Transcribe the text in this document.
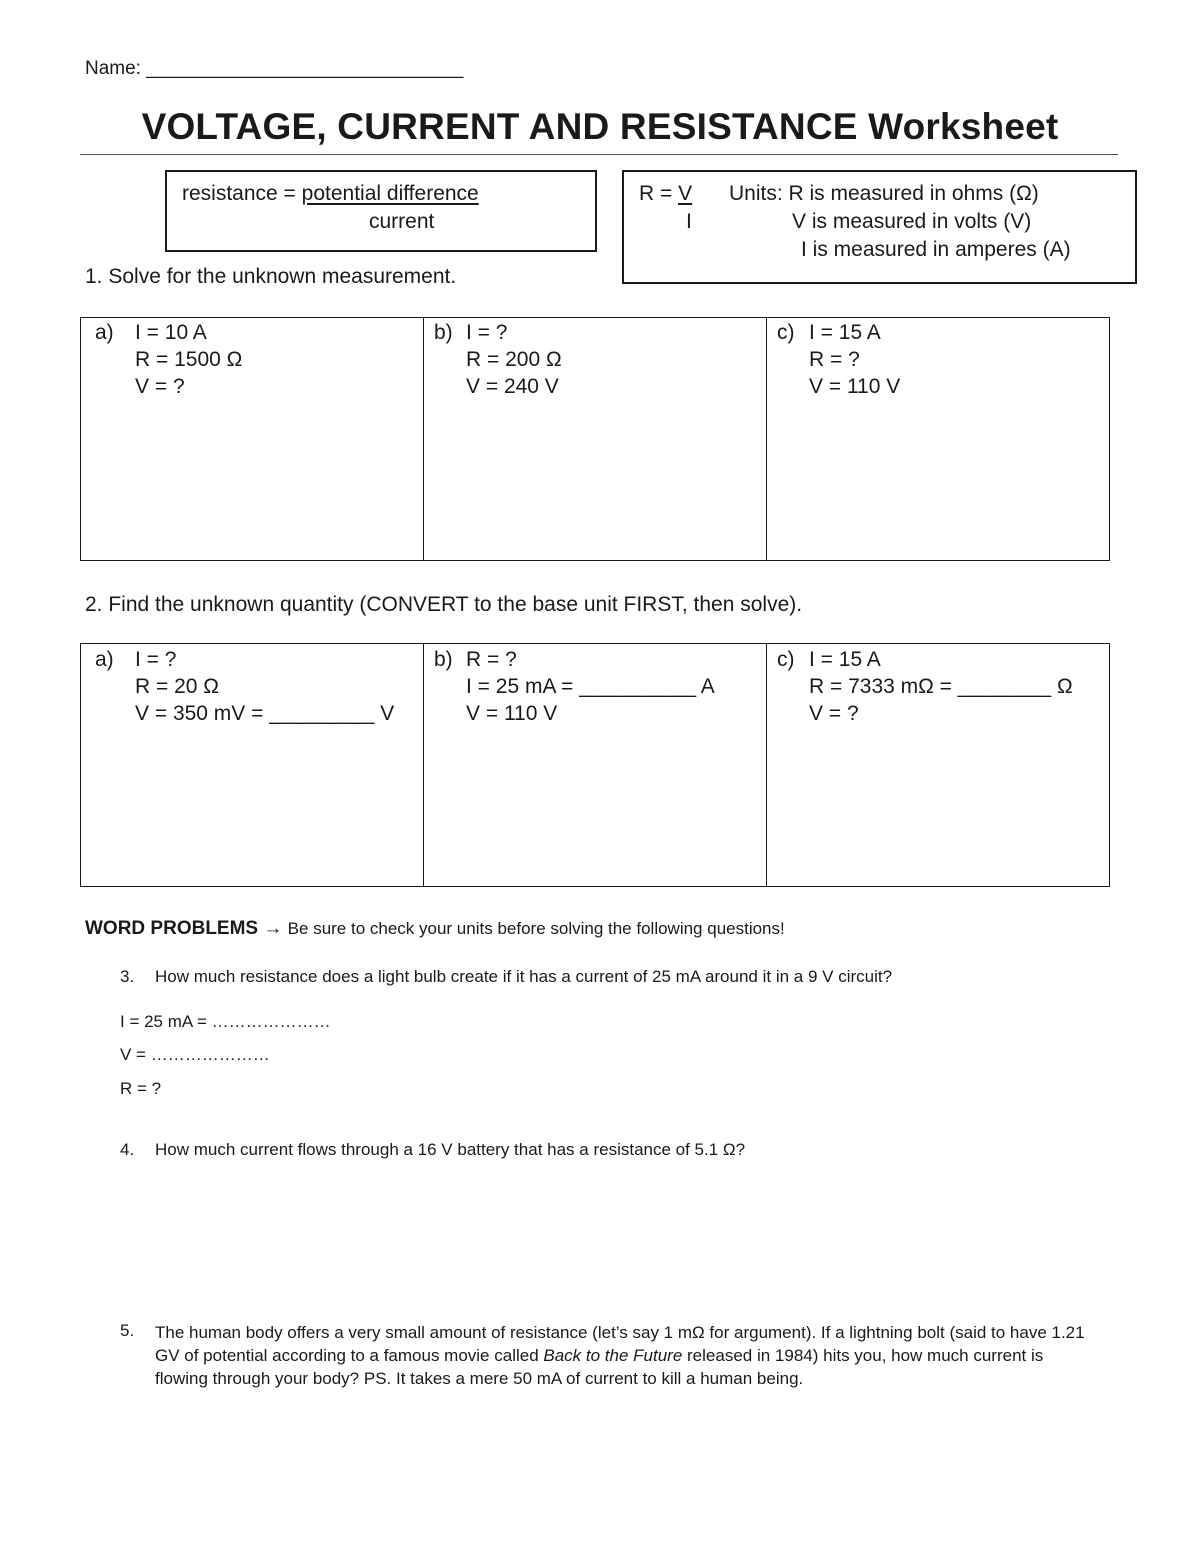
Name: ______________________________
VOLTAGE, CURRENT AND RESISTANCE Worksheet
resistance = potential difference
current
R = V
I
Units: R is measured in ohms (Ω)
V is measured in volts (V)
I is measured in amperes (A)
1. Solve for the unknown measurement.
a) I = 10 A
R = 1500 Ω
V = ?
b) I = ?
R = 200 Ω
V = 240 V
c) I = 15 A
R = ?
V = 110 V
2. Find the unknown quantity (CONVERT to the base unit FIRST, then solve).
a) I = ?
R = 20 Ω
V = 350 mV = _________ V
b) R = ?
I = 25 mA = __________ A
V = 110 V
c) I = 15 A
R = 7333 mΩ = ________ Ω
V = ?
WORD PROBLEMS → Be sure to check your units before solving the following questions!
3. How much resistance does a light bulb create if it has a current of 25 mA around it in a 9 V circuit?
I = 25 mA = …………………
V = …………………
R = ?
4. How much current flows through a 16 V battery that has a resistance of 5.1 Ω?
5. The human body offers a very small amount of resistance (let’s say 1 mΩ for argument). If a lightning bolt (said to have 1.21 GV of potential according to a famous movie called Back to the Future released in 1984) hits you, how much current is flowing through your body? PS. It takes a mere 50 mA of current to kill a human being.
